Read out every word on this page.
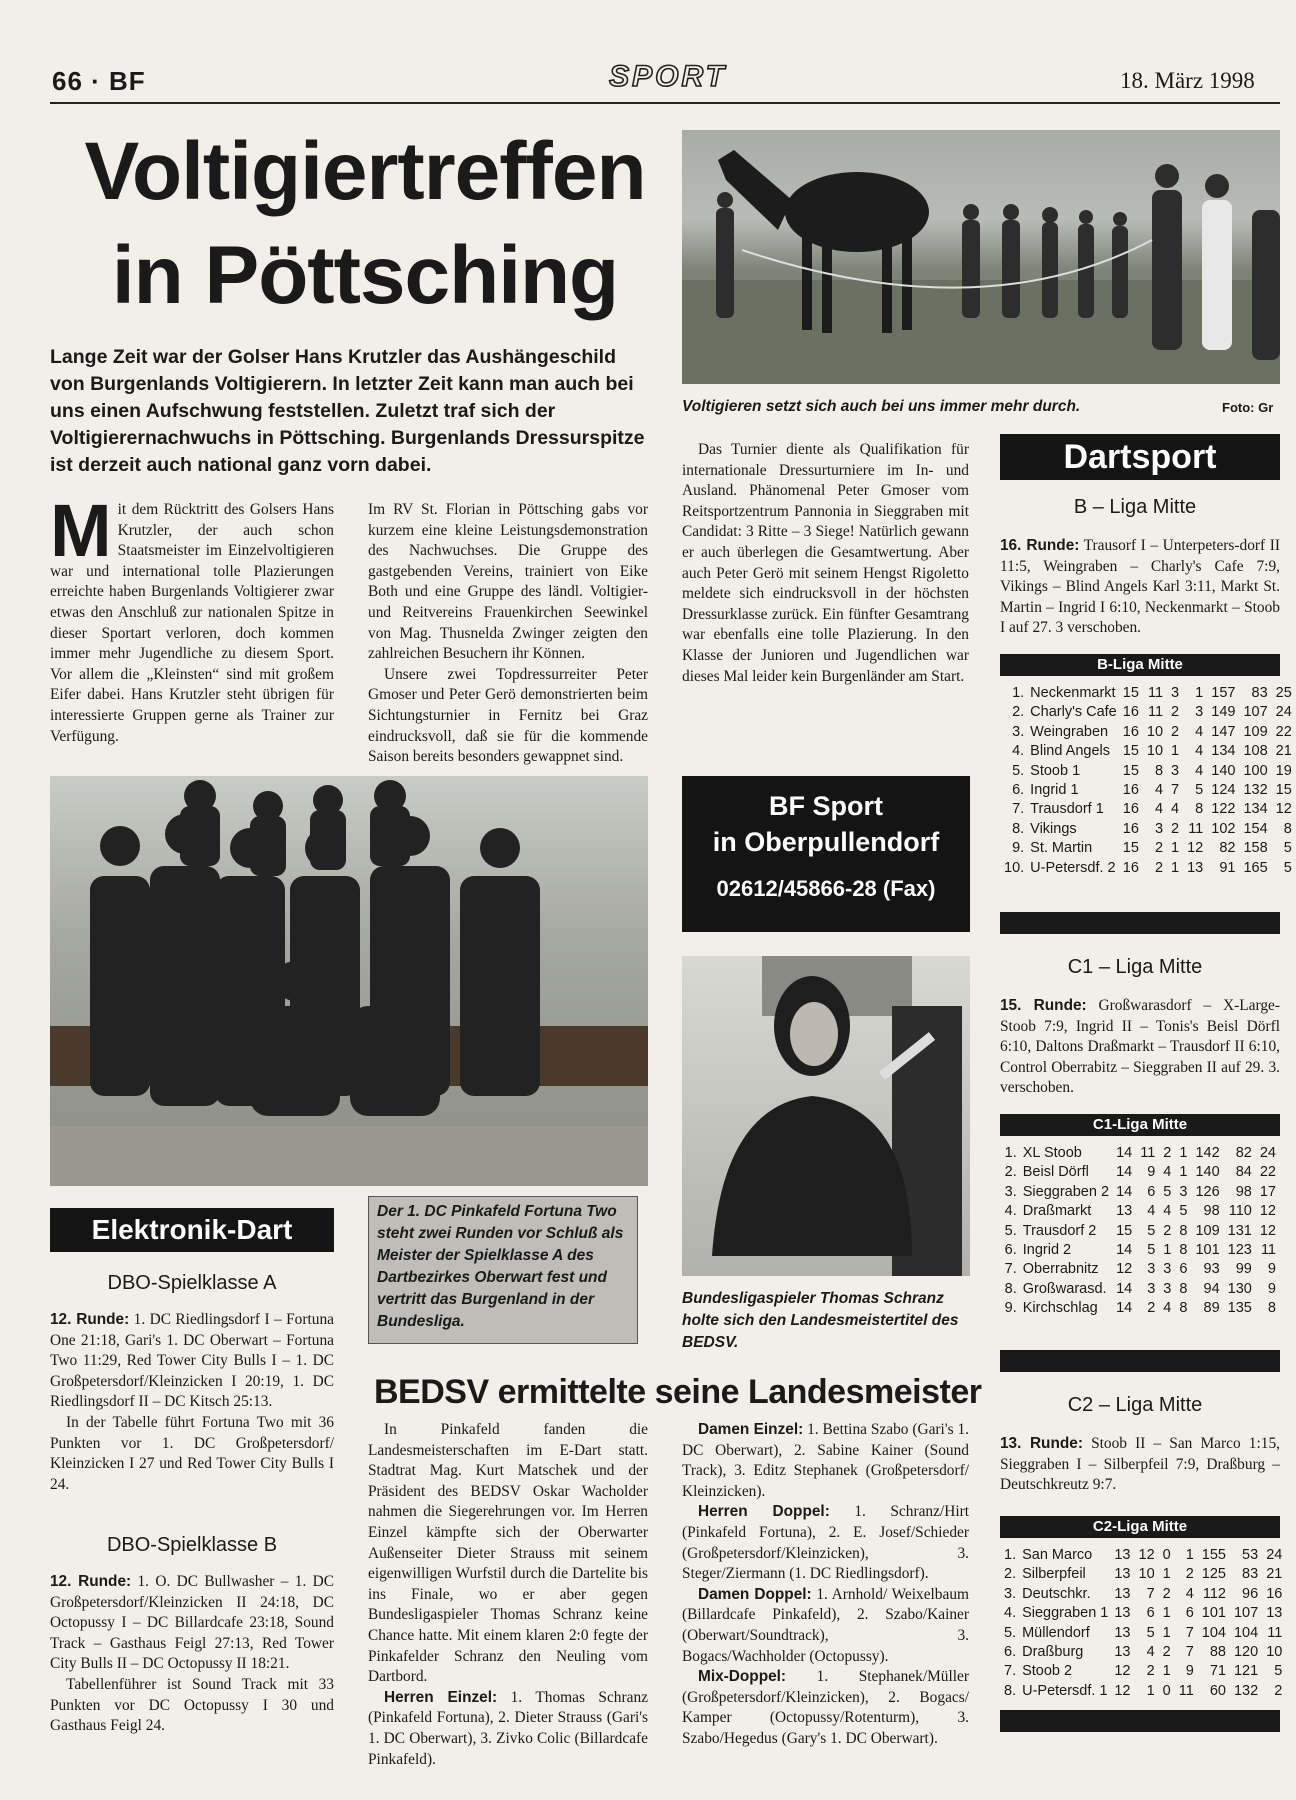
66 · BF	SPORT	18. März 1998
Voltigiertreffen
in Pöttsching
Lange Zeit war der Golser Hans Krutzler das Aushängeschild von Burgenlands Voltigierern. In letzter Zeit kann man auch bei uns einen Aufschwung feststellen. Zuletzt traf sich der Voltigierernachwuchs in Pöttsching. Burgenlands Dressurspitze ist derzeit auch national ganz vorn dabei.
M it dem Rücktritt des Golsers Hans Krutzler, der auch schon Staatsmeister im Einzelvoltigieren war und international tolle Plazierungen erreichte haben Burgenlands Voltigierer zwar etwas den Anschluß zur nationalen Spitze in dieser Sportart verloren, doch kommen immer mehr Jugendliche zu diesem Sport. Vor allem die „Kleinsten“ sind mit großem Eifer dabei. Hans Krutzler steht übrigen für interessierte Gruppen gerne als Trainer zur Verfügung.

Im RV St. Florian in Pöttsching gabs vor kurzem eine kleine Leistungsdemonstration des Nachwuchses. Die Gruppe des gastgebenden Vereins, trainiert von Eike Both und eine Gruppe des ländl. Voltigier- und Reitvereins Frauenkirchen Seewinkel von Mag. Thusnelda Zwinger zeigten den zahlreichen Besuchern ihr Können.

Unsere zwei Topdressurreiter Peter Gmoser und Peter Gerö demonstrierten beim Sichtungsturnier in Fernitz bei Graz eindrucksvoll, daß sie für die kommende Saison bereits besonders gewappnet sind.

Das Turnier diente als Qualifikation für internationale Dressurturniere im In- und Ausland. Phänomenal Peter Gmoser vom Reitsportzentrum Pannonia in Sieggraben mit Candidat: 3 Ritte – 3 Siege! Natürlich gewann er auch überlegen die Gesamtwertung. Aber auch Peter Gerö mit seinem Hengst Rigoletto meldete sich eindrucksvoll in der höchsten Dressurklasse zurück. Ein fünfter Gesamtrang war ebenfalls eine tolle Plazierung. In den Klasse der Junioren und Jugendlichen war dieses Mal leider kein Burgenländer am Start.

Voltigieren setzt sich auch bei uns immer mehr durch.	Foto: Gr
BF Sport
in Oberpullendorf
02612/45866-28 (Fax)
Bundesligaspieler Thomas Schranz holte sich den Landesmeistertitel des BEDSV.
Der 1. DC Pinkafeld Fortuna Two steht zwei Runden vor Schluß als Meister der Spielklasse A des Dartbezirkes Oberwart fest und vertritt das Burgenland in der Bundesliga.
Elektronik-Dart
DBO-Spielklasse A

12. Runde: 1. DC Riedlingsdorf I – Fortuna One 21:18, Gari's 1. DC Oberwart – Fortuna Two 11:29, Red Tower City Bulls I – 1. DC Großpetersdorf/Kleinzicken I 20:19, 1. DC Riedlingsdorf II – DC Kitsch 25:13.

In der Tabelle führt Fortuna Two mit 36 Punkten vor 1. DC Großpetersdorf/ Kleinzicken I 27 und Red Tower City Bulls I 24.

DBO-Spielklasse B

12. Runde: 1. O. DC Bullwasher – 1. DC Großpetersdorf/Kleinzicken II 24:18, DC Octopussy I – DC Billardcafe 23:18, Sound Track – Gasthaus Feigl 27:13, Red Tower City Bulls II – DC Octopussy II 18:21.

Tabellenführer ist Sound Track mit 33 Punkten vor DC Octopussy I 30 und Gasthaus Feigl 24.

BEDSV ermittelte seine Landesmeister

In Pinkafeld fanden die Landesmeisterschaften im E-Dart statt. Stadtrat Mag. Kurt Matschek und der Präsident des BEDSV Oskar Wacholder nahmen die Siegerehrungen vor. Im Herren Einzel kämpfte sich der Oberwarter Außenseiter Dieter Strauss mit seinem eigenwilligen Wurfstil durch die Dartelite bis ins Finale, wo er aber gegen Bundesligaspieler Thomas Schranz keine Chance hatte. Mit einem klaren 2:0 fegte der Pinkafelder Schranz den Neuling vom Dartbord.

Herren Einzel: 1. Thomas Schranz (Pinkafeld Fortuna), 2. Dieter Strauss (Gari's 1. DC Oberwart), 3. Zivko Colic (Billardcafe Pinkafeld).

Damen Einzel: 1. Bettina Szabo (Gari's 1. DC Oberwart), 2. Sabine Kainer (Sound Track), 3. Editz Stephanek (Großpetersdorf/ Kleinzicken).

Herren Doppel: 1. Schranz/Hirt (Pinkafeld Fortuna), 2. E. Josef/Schieder (Großpetersdorf/Kleinzicken), 3. Steger/Ziermann (1. DC Riedlingsdorf).

Damen Doppel: 1. Arnhold/ Weixelbaum (Billardcafe Pinkafeld), 2. Szabo/Kainer (Oberwart/Soundtrack), 3. Bogacs/Wachholder (Octopussy).

Mix-Doppel: 1. Stephanek/Müller (Großpetersdorf/Kleinzicken), 2. Bogacs/ Kamper (Octopussy/Rotenturm), 3. Szabo/Hegedus (Gary's 1. DC Oberwart).

Dartsport
B – Liga Mitte

16. Runde: Trausorf I – Unterpeters-dorf II 11:5, Weingraben – Charly's Cafe 7:9, Vikings – Blind Angels Karl 3:11, Markt St. Martin – Ingrid I 6:10, Neckenmarkt – Stoob I auf 27. 3 verschoben.

B-Liga Mitte
1.	Neckenmarkt	15	11	3	1	157	83	25
2.	Charly's Cafe	16	11	2	3	149	107	24
3.	Weingraben	16	10	2	4	147	109	22
4.	Blind Angels	15	10	1	4	134	108	21
5.	Stoob 1	15	8	3	4	140	100	19
6.	Ingrid 1	16	4	7	5	124	132	15
7.	Trausdorf 1	16	4	4	8	122	134	12
8.	Vikings	16	3	2	11	102	154	8
9.	St. Martin	15	2	1	12	82	158	5
10.	U-Petersdf. 2	16	2	1	13	91	165	5
C1 – Liga Mitte

15. Runde: Großwarasdorf – X-Large-Stoob 7:9, Ingrid II – Tonis's Beisl Dörfl 6:10, Daltons Draßmarkt – Trausdorf II 6:10, Control Oberrabitz – Sieggraben II auf 29. 3. verschoben.

C1-Liga Mitte
1.	XL Stoob	14	11	2	1	142	82	24
2.	Beisl Dörfl	14	9	4	1	140	84	22
3.	Sieggraben 2	14	6	5	3	126	98	17
4.	Draßmarkt	13	4	4	5	98	110	12
5.	Trausdorf 2	15	5	2	8	109	131	12
6.	Ingrid 2	14	5	1	8	101	123	11
7.	Oberrabnitz	12	3	3	6	93	99	9
8.	Großwarasd.	14	3	3	8	94	130	9
9.	Kirchschlag	14	2	4	8	89	135	8
C2 – Liga Mitte

13. Runde: Stoob II – San Marco 1:15, Sieggraben I – Silberpfeil 7:9, Draßburg – Deutschkreutz 9:7.

C2-Liga Mitte
1.	San Marco	13	12	0	1	155	53	24
2.	Silberpfeil	13	10	1	2	125	83	21
3.	Deutschkr.	13	7	2	4	112	96	16
4.	Sieggraben 1	13	6	1	6	101	107	13
5.	Müllendorf	13	5	1	7	104	104	11
6.	Draßburg	13	4	2	7	88	120	10
7.	Stoob 2	12	2	1	9	71	121	5
8.	U-Petersdf. 1	12	1	0	11	60	132	2
